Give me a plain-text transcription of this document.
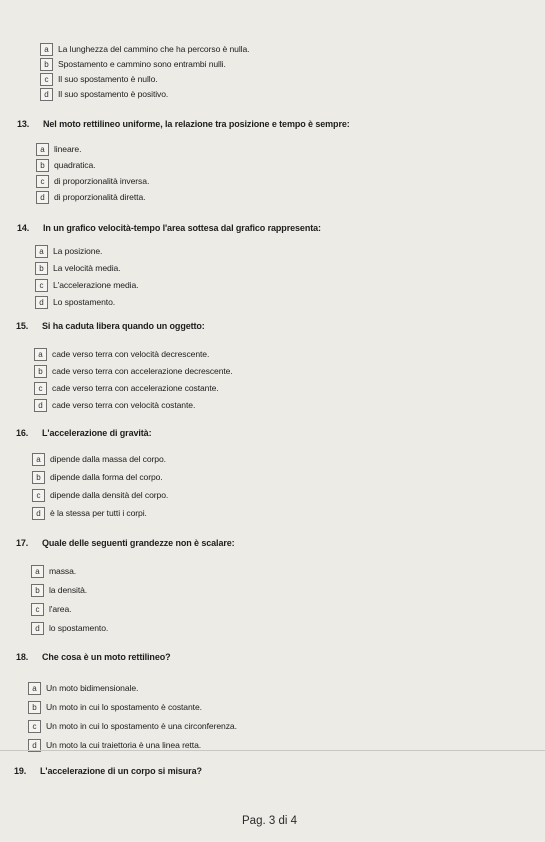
a	La lunghezza del cammino che ha percorso è nulla.
b	Spostamento e cammino sono entrambi nulli.
c	Il suo spostamento è nullo.
d	Il suo spostamento è positivo.
13. Nel moto rettilineo uniforme, la relazione tra posizione e tempo è sempre:
a	lineare.
b	quadratica.
c	di proporzionalità inversa.
d	di proporzionalità diretta.
14. In un grafico velocità-tempo l'area sottesa dal grafico rappresenta:
a	La posizione.
b	La velocità media.
c	L'accelerazione media.
d	Lo spostamento.
15. Si ha caduta libera quando un oggetto:
a	cade verso terra con velocità decrescente.
b	cade verso terra con accelerazione decrescente.
c	cade verso terra con accelerazione costante.
d	cade verso terra con velocità costante.
16. L'accelerazione di gravità:
a	dipende dalla massa del corpo.
b	dipende dalla forma del corpo.
c	dipende dalla densità del corpo.
d	è la stessa per tutti i corpi.
17. Quale delle seguenti grandezze non è scalare:
a	massa.
b	la densità.
c	l'area.
d	lo spostamento.
18. Che cosa è un moto rettilineo?
a	Un moto bidimensionale.
b	Un moto in cui lo spostamento è costante.
c	Un moto in cui lo spostamento è una circonferenza.
d	Un moto la cui traiettoria è una linea retta.
19. L'accelerazione di un corpo si misura?
Pag. 3 di 4
